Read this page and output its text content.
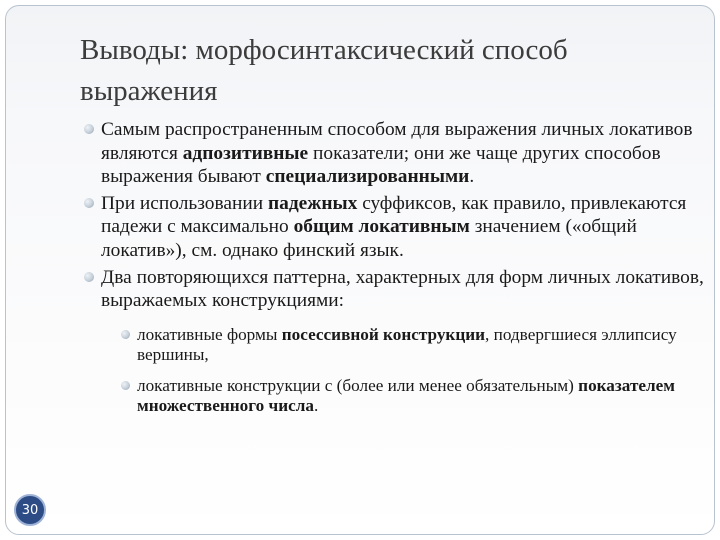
Выводы: морфосинтаксический способ выражения
Самым распространенным способом для выражения личных локативов являются адпозитивные показатели; они же чаще других способов выражения бывают специализированными.
При использовании падежных суффиксов, как правило, привлекаются падежи с максимально общим локативным значением («общий локатив»), см. однако финский язык.
Два повторяющихся паттерна, характерных для форм личных локативов, выражаемых конструкциями:
локативные формы посессивной конструкции, подвергшиеся эллипсису вершины,
локативные конструкции с (более или менее обязательным) показателем множественного числа.
30
